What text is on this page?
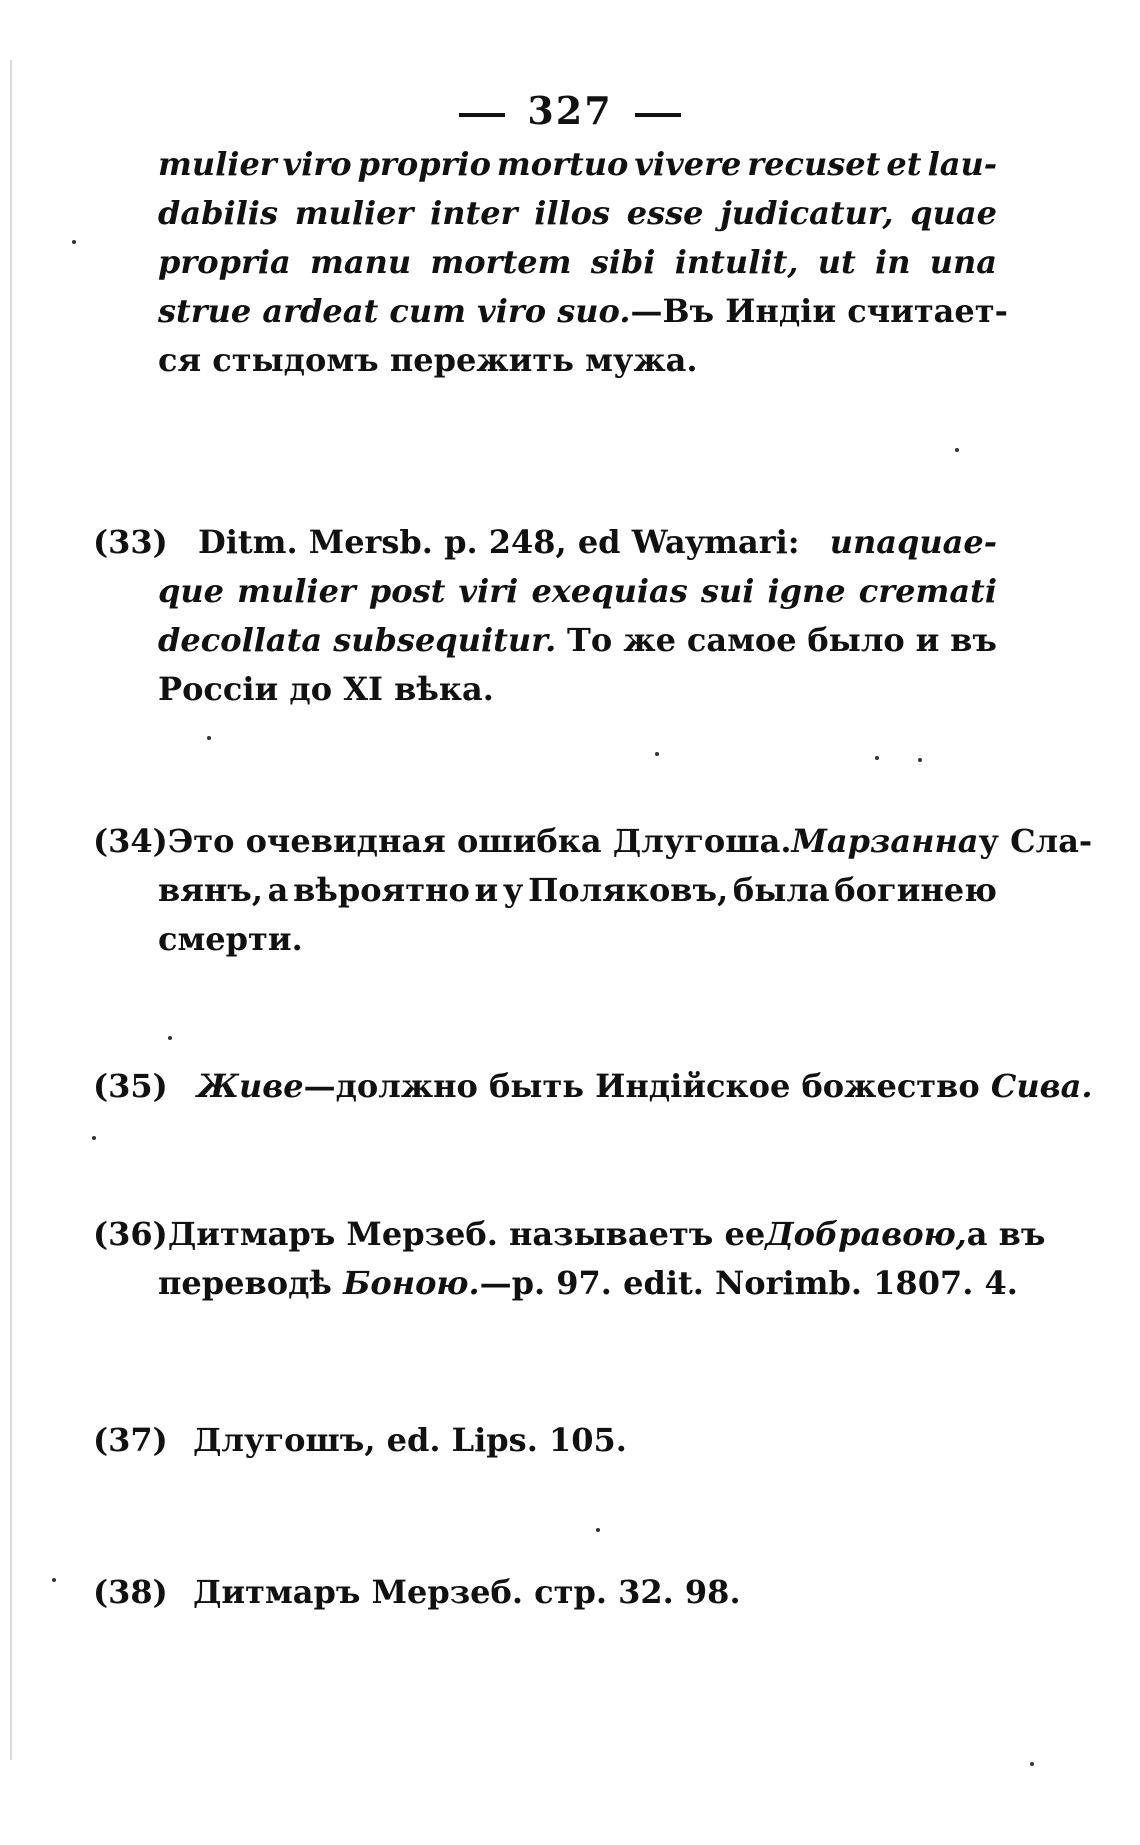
327
mulier viro proprio mortuo vivere recuset et lau-
dabilis mulier inter illos esse judicatur, quae
propria manu mortem sibi intulit, ut in una
strue ardeat cum viro suo. —Въ Индіи считает-
ся стыдомъ пережить мужа.
(33) Ditm. Mersb. p. 248, ed Waymari: unaquae-
que mulier post viri exequias sui igne cremati
decollata subsequitur. То же самое было и въ
Россіи до XI вѣка.
(34) Это очевидная ошибка Длугоша. Марзанна у Сла-
вянъ, а вѣроятно и у Поляковъ, была богинею
смерти.
(35) Живе—должно быть Индійское божество Сива.
(36) Дитмаръ Мерзеб. называетъ ее Добравою, а въ
переводѣ Боною.—p. 97. edit. Norimb. 1807. 4.
(37) Длугошъ, ed. Lips. 105.
(38) Дитмаръ Мерзеб. стр. 32. 98.
